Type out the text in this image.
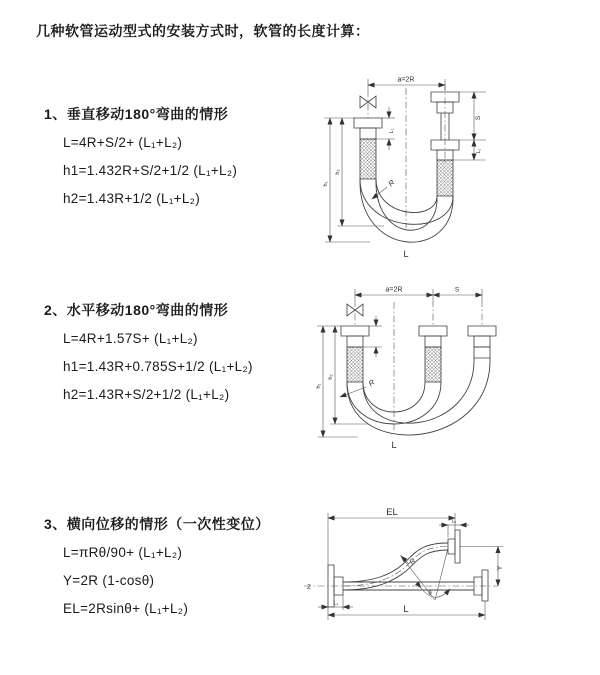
几种软管运动型式的安装方式时，软管的长度计算：
1、垂直移动180°弯曲的情形
L=4R+S/2+ (L₁+L₂)
h1=1.432R+S/2+1/2 (L₁+L₂)
h2=1.43R+1/2 (L₁+L₂)
2、水平移动180°弯曲的情形
L=4R+1.57S+ (L₁+L₂)
h1=1.43R+0.785S+1/2 (L₁+L₂)
h2=1.43R+S/2+1/2 (L₁+L₂)
3、横向位移的情形（一次性变位）
L=πRθ/90+ (L₁+L₂)
Y=2R (1-cosθ)
EL=2Rsinθ+ (L₁+L₂)
a=2R
L₁
S
L₂
R
h₁
h₂
L
a=2R	S
R
h₁
h₂
L
Z
EL
L₂
Y
R
θ
L
L₁
